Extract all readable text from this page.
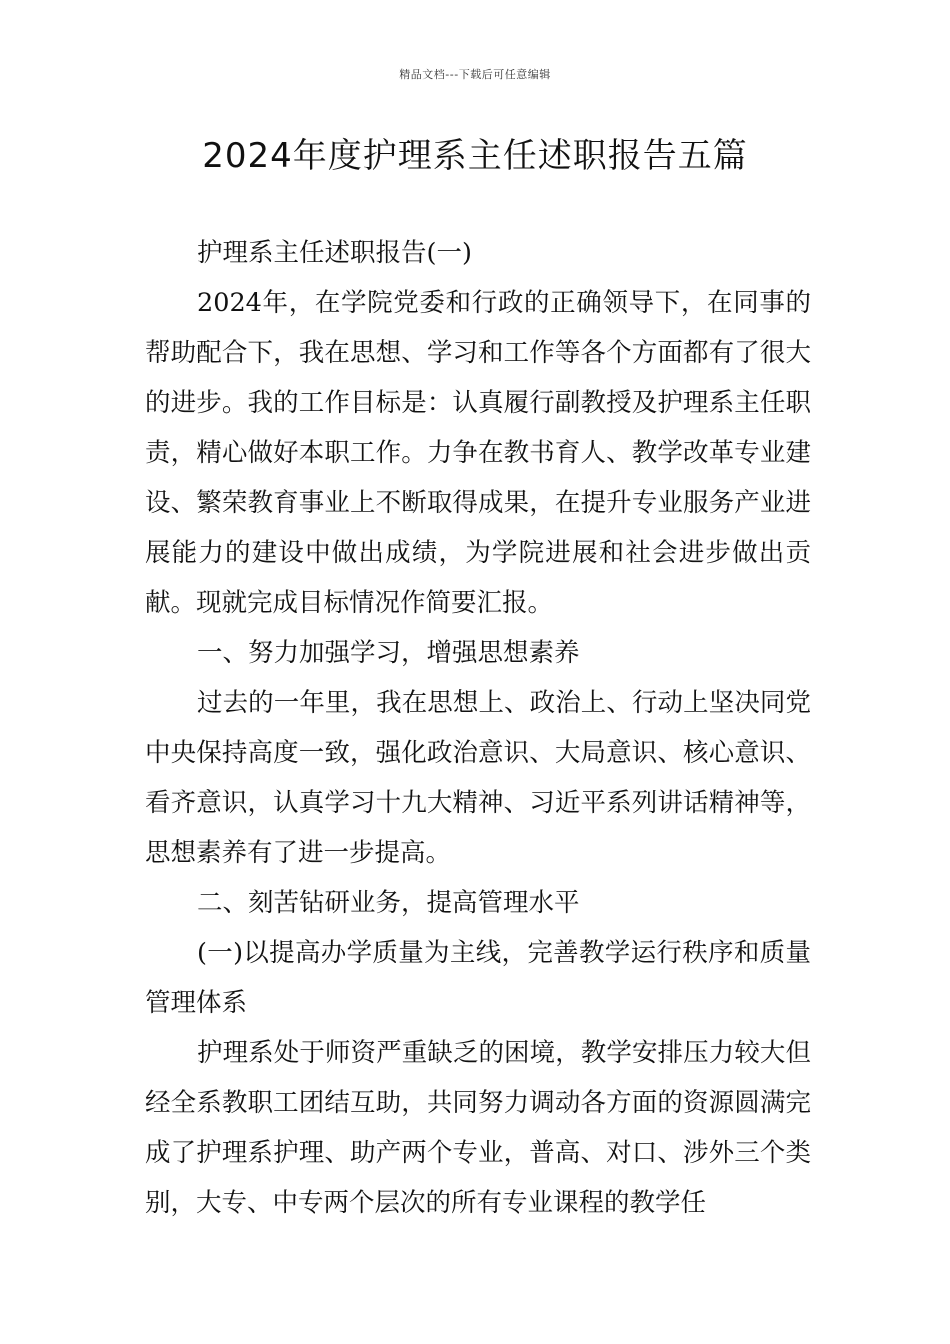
精品文档---下载后可任意编辑
2024年度护理系主任述职报告五篇

护理系主任述职报告(一)

2024年，在学院党委和行政的正确领导下，在同事的帮助配合下，我在思想、学习和工作等各个方面都有了很大的进步。我的工作目标是：认真履行副教授及护理系主任职责，精心做好本职工作。力争在教书育人、教学改革专业建设、繁荣教育事业上不断取得成果，在提升专业服务产业进展能力的建设中做出成绩，为学院进展和社会进步做出贡献。现就完成目标情况作简要汇报。

一、努力加强学习，增强思想素养

过去的一年里，我在思想上、政治上、行动上坚决同党中央保持高度一致，强化政治意识、大局意识、核心意识、看齐意识，认真学习十九大精神、习近平系列讲话精神等，思想素养有了进一步提高。

二、刻苦钻研业务，提高管理水平

(一)以提高办学质量为主线，完善教学运行秩序和质量管理体系

护理系处于师资严重缺乏的困境，教学安排压力较大但经全系教职工团结互助，共同努力调动各方面的资源圆满完成了护理系护理、助产两个专业，普高、对口、涉外三个类别，大专、中专两个层次的所有专业课程的教学任
